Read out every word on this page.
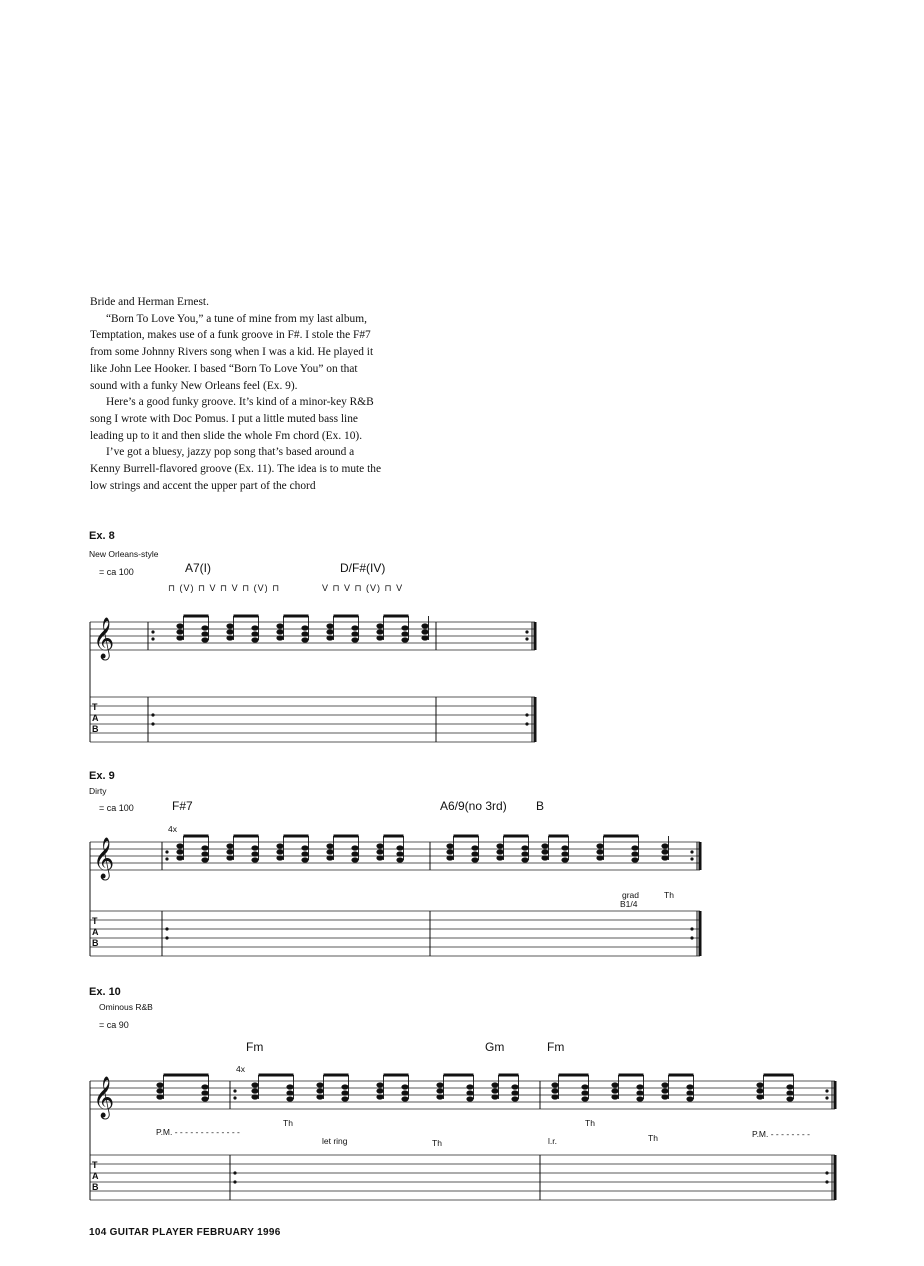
Bride and Herman Ernest.

“Born To Love You,” a tune of mine from my last album, Temptation, makes use of a funk groove in F#. I stole the F#7 from some Johnny Rivers song when I was a kid. He played it like John Lee Hooker. I based “Born To Love You” on that sound with a funky New Orleans feel (Ex. 9).

Here’s a good funky groove. It’s kind of a minor-key R&B song I wrote with Doc Pomus. I put a little muted bass line leading up to it and then slide the whole Fm chord (Ex. 10).

I’ve got a bluesy, jazzy pop song that’s based around a Kenny Burrell-flavored groove (Ex. 11). The idea is to mute the low strings and accent the upper part of the chord

Ex. 8
New Orleans-style
= ca 100	A7(I)	D/F#(IV)
⊓ (V) ⊓ V ⊓ V ⊓ (V) ⊓	V ⊓ V ⊓ (V) ⊓ V
Ex. 9
Dirty
= ca 100	F#7	A6/9(no 3rd) B
4x
grad
B1/4
Th
Ex. 10
Ominous R&B
= ca 90
Fm	Gm	Fm
4x
P.M. - - - - - - - - - - - - -	P.M. - - - - - - - -
let ring	l.r.
Th
Th
Th
Th
T
A
B
𝄞
T
A
B
𝄞
T
A
B
𝄞
104 GUITAR PLAYER FEBRUARY 1996
